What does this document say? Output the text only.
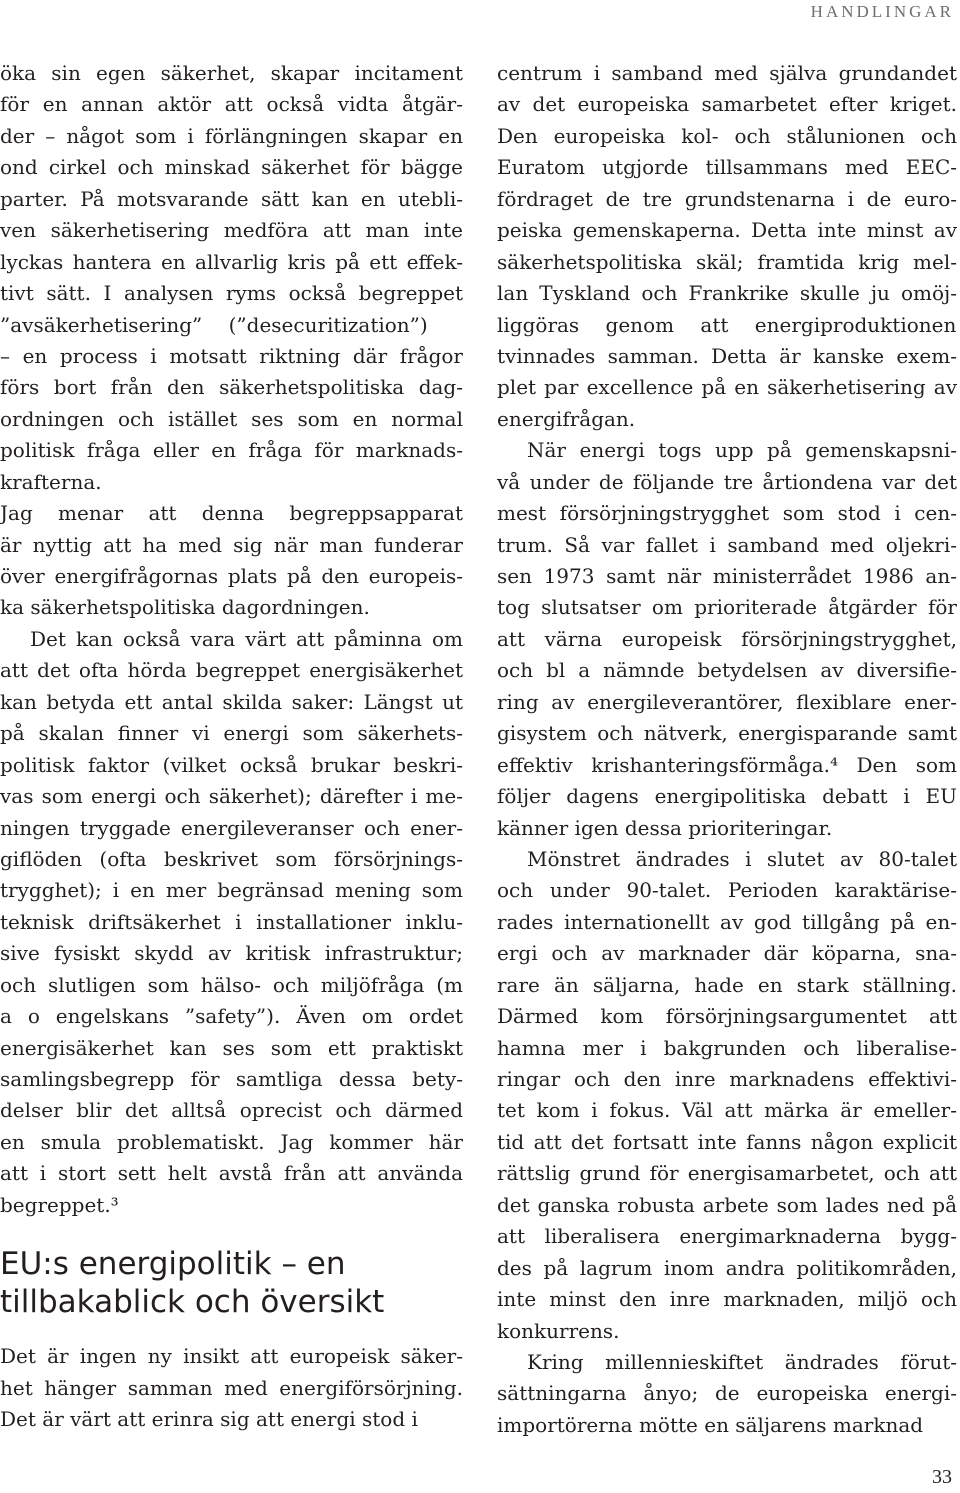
HANDLINGAR
öka sin egen säkerhet, skapar incitament
för en annan aktör att också vidta åtgär-
der – något som i förlängningen skapar en
ond cirkel och minskad säkerhet för bägge
parter. På motsvarande sätt kan en utebli-
ven säkerhetisering medföra att man inte
lyckas hantera en allvarlig kris på ett effek-
tivt sätt. I analysen ryms också begreppet
”avsäkerhetisering” (”desecuritization”)
– en process i motsatt riktning där frågor
förs bort från den säkerhetspolitiska dag-
ordningen och istället ses som en normal
politisk fråga eller en fråga för marknads-
krafterna.
Jag menar att denna begreppsapparat
är nyttig att ha med sig när man funderar
över energifrågornas plats på den europeis-
ka säkerhetspolitiska dagordningen.
Det kan också vara värt att påminna om
att det ofta hörda begreppet energisäkerhet
kan betyda ett antal skilda saker: Längst ut
på skalan finner vi energi som säkerhets-
politisk faktor (vilket också brukar beskri-
vas som energi och säkerhet); därefter i me-
ningen tryggade energileveranser och ener-
giflöden (ofta beskrivet som försörjnings-
trygghet); i en mer begränsad mening som
teknisk driftsäkerhet i installationer inklu-
sive fysiskt skydd av kritisk infrastruktur;
och slutligen som hälso- och miljöfråga (m
a o engelskans ”safety”). Även om ordet
energisäkerhet kan ses som ett praktiskt
samlingsbegrepp för samtliga dessa bety-
delser blir det alltså oprecist och därmed
en smula problematiskt. Jag kommer här
att i stort sett helt avstå från att använda
begreppet.³
EU:s energipolitik – en
tillbakablick och översikt
Det är ingen ny insikt att europeisk säker-
het hänger samman med energiförsörjning.
Det är värt att erinra sig att energi stod i
centrum i samband med själva grundandet
av det europeiska samarbetet efter kriget.
Den europeiska kol- och stålunionen och
Euratom utgjorde tillsammans med EEC-
fördraget de tre grundstenarna i de euro-
peiska gemenskaperna. Detta inte minst av
säkerhetspolitiska skäl; framtida krig mel-
lan Tyskland och Frankrike skulle ju omöj-
liggöras genom att energiproduktionen
tvinnades samman. Detta är kanske exem-
plet par excellence på en säkerhetisering av
energifrågan.
När energi togs upp på gemenskapsni-
vå under de följande tre årtiondena var det
mest försörjningstrygghet som stod i cen-
trum. Så var fallet i samband med oljekri-
sen 1973 samt när ministerrådet 1986 an-
tog slutsatser om prioriterade åtgärder för
att värna europeisk försörjningstrygghet,
och bl a nämnde betydelsen av diversifie-
ring av energileverantörer, flexiblare ener-
gisystem och nätverk, energisparande samt
effektiv krishanteringsförmåga.⁴ Den som
följer dagens energipolitiska debatt i EU
känner igen dessa prioriteringar.
Mönstret ändrades i slutet av 80-talet
och under 90-talet. Perioden karaktärise-
rades internationellt av god tillgång på en-
ergi och av marknader där köparna, sna-
rare än säljarna, hade en stark ställning.
Därmed kom försörjningsargumentet att
hamna mer i bakgrunden och liberalise-
ringar och den inre marknadens effektivi-
tet kom i fokus. Väl att märka är emeller-
tid att det fortsatt inte fanns någon explicit
rättslig grund för energisamarbetet, och att
det ganska robusta arbete som lades ned på
att liberalisera energimarknaderna bygg-
des på lagrum inom andra politikområden,
inte minst den inre marknaden, miljö och
konkurrens.
Kring millennieskiftet ändrades förut-
sättningarna ånyo; de europeiska energi-
importörerna mötte en säljarens marknad
33
